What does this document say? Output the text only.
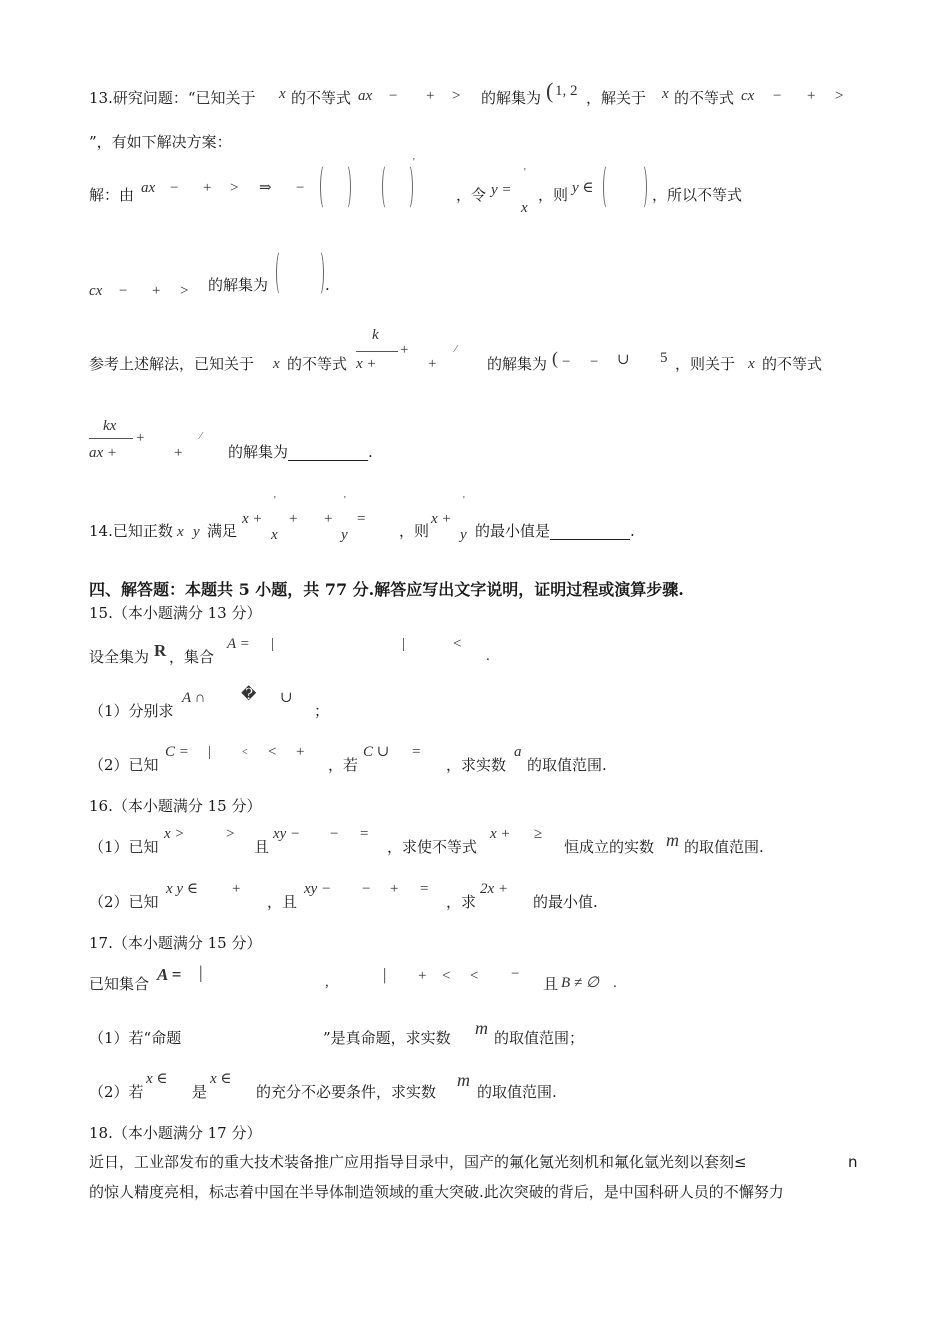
13.研究问题：“已知关于 x 的不等式 ax − + > 的解集为 ( 1, 2 ，解关于 x 的不等式 cx − + >
”，有如下解决方案：
解：由 ax − + > ⇒ −
'
，令 y =
'
x
，则 y ∈	，所以不等式
cx − + > 的解集为	.
参考上述解法，已知关于 x 的不等式
k
x +
+
+
⁄
的解集为 ( − − ∪ 5 ，则关于 x 的不等式
kx
ax +
+
+
⁄
的解集为	.
14.已知正数 x y 满足
x +
'
x
+ +
'
y
=
，则
x +
'
y 的最小值是	.
四、解答题：本题共 5 小题，共 77 分.解答应写出文字说明，证明过程或演算步骤.
15.（本小题满分 13 分）
设全集为 R ，集合
A = |	|	<
.
（1）分别求
A ∩ � ∪
；
（2）已知
C = |	< < +
，若
C ∪ =
，求实数
a
的取值范围.
16.（本小题满分 15 分）
（1）已知
x >	>
且
xy − − =
，求使不等式
x + ≥
恒成立的实数 m 的取值范围.
（2）已知
x y ∈ +
，且
xy − − + =
，求
2x +
的最小值.
17.（本小题满分 15 分）
已知集合 A = |	,	| + < < −
且 B ≠ ∅ .
（1）若“命题	”是真命题，求实数 m 的取值范围；
（2）若
x ∈
是
x ∈
的充分不必要条件，求实数
m
的取值范围.
18.（本小题满分 17 分）
近日，工业部发布的重大技术装备推广应用指导目录中，国产的氟化氪光刻机和氟化氩光刻以套刻≤	n
的惊人精度亮相，标志着中国在半导体制造领域的重大突破.此次突破的背后，是中国科研人员的不懈努力
